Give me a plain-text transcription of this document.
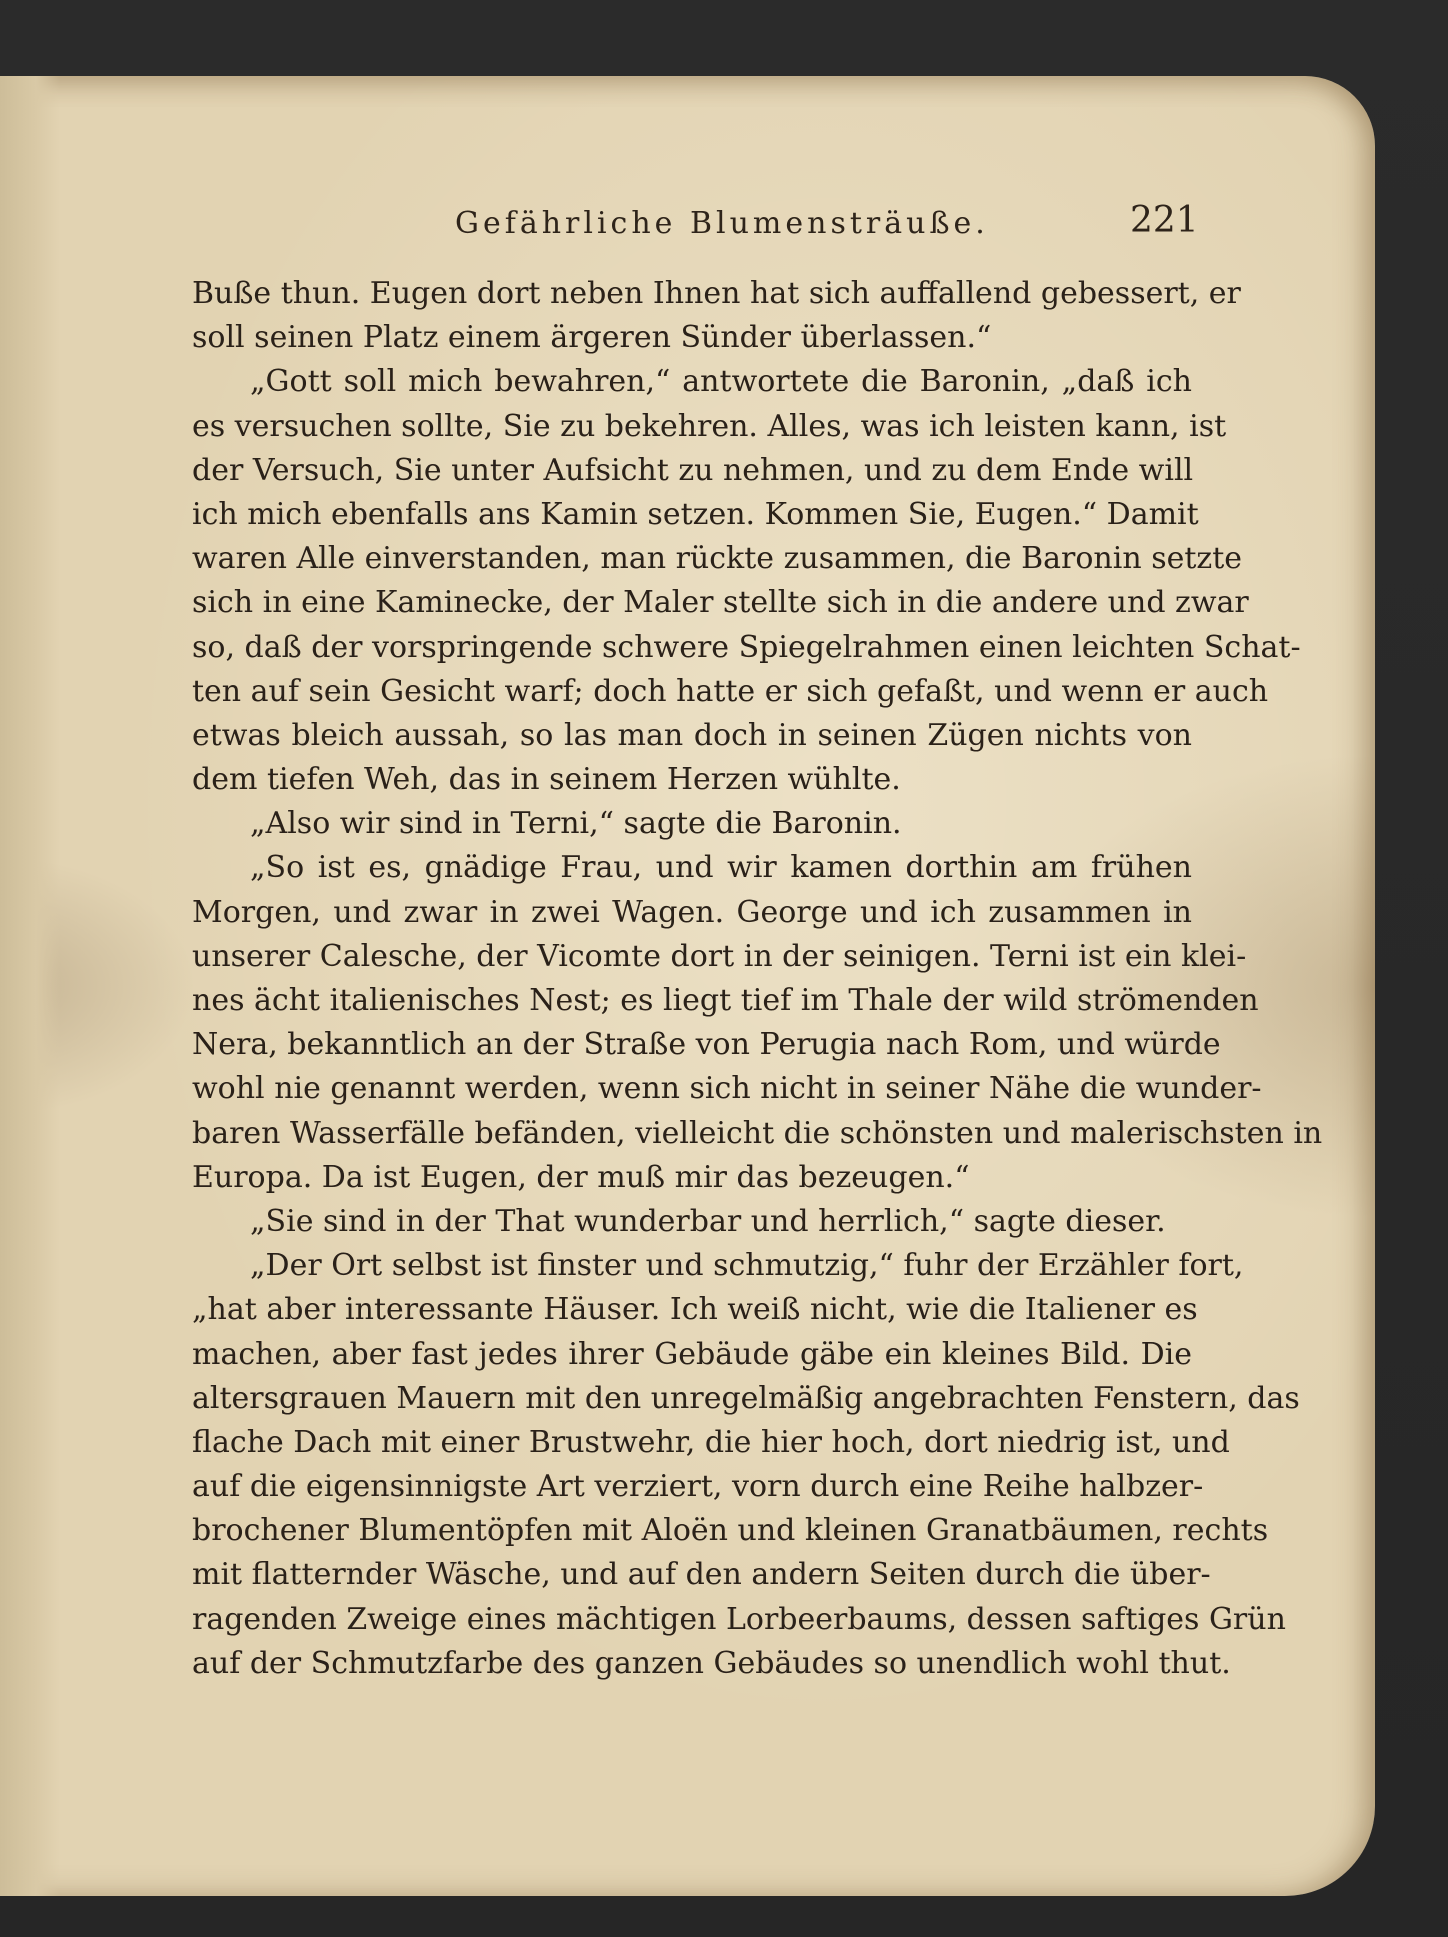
Gefährliche Blumensträuße.	221
Buße thun. Eugen dort neben Ihnen hat sich auffallend gebessert, er
soll seinen Platz einem ärgeren Sünder überlassen.“
„Gott soll mich bewahren,“ antwortete die Baronin, „daß ich
es versuchen sollte, Sie zu bekehren. Alles, was ich leisten kann, ist
der Versuch, Sie unter Aufsicht zu nehmen, und zu dem Ende will
ich mich ebenfalls ans Kamin setzen. Kommen Sie, Eugen.“ Damit
waren Alle einverstanden, man rückte zusammen, die Baronin setzte
sich in eine Kaminecke, der Maler stellte sich in die andere und zwar
so, daß der vorspringende schwere Spiegelrahmen einen leichten Schat-
ten auf sein Gesicht warf; doch hatte er sich gefaßt, und wenn er auch
etwas bleich aussah, so las man doch in seinen Zügen nichts von
dem tiefen Weh, das in seinem Herzen wühlte.
„Also wir sind in Terni,“ sagte die Baronin.
„So ist es, gnädige Frau, und wir kamen dorthin am frühen
Morgen, und zwar in zwei Wagen. George und ich zusammen in
unserer Calesche, der Vicomte dort in der seinigen. Terni ist ein klei-
nes ächt italienisches Nest; es liegt tief im Thale der wild strömenden
Nera, bekanntlich an der Straße von Perugia nach Rom, und würde
wohl nie genannt werden, wenn sich nicht in seiner Nähe die wunder-
baren Wasserfälle befänden, vielleicht die schönsten und malerischsten in
Europa. Da ist Eugen, der muß mir das bezeugen.“
„Sie sind in der That wunderbar und herrlich,“ sagte dieser.
„Der Ort selbst ist finster und schmutzig,“ fuhr der Erzähler fort,
„hat aber interessante Häuser. Ich weiß nicht, wie die Italiener es
machen, aber fast jedes ihrer Gebäude gäbe ein kleines Bild. Die
altersgrauen Mauern mit den unregelmäßig angebrachten Fenstern, das
flache Dach mit einer Brustwehr, die hier hoch, dort niedrig ist, und
auf die eigensinnigste Art verziert, vorn durch eine Reihe halbzer-
brochener Blumentöpfen mit Aloën und kleinen Granatbäumen, rechts
mit flatternder Wäsche, und auf den andern Seiten durch die über-
ragenden Zweige eines mächtigen Lorbeerbaums, dessen saftiges Grün
auf der Schmutzfarbe des ganzen Gebäudes so unendlich wohl thut.
